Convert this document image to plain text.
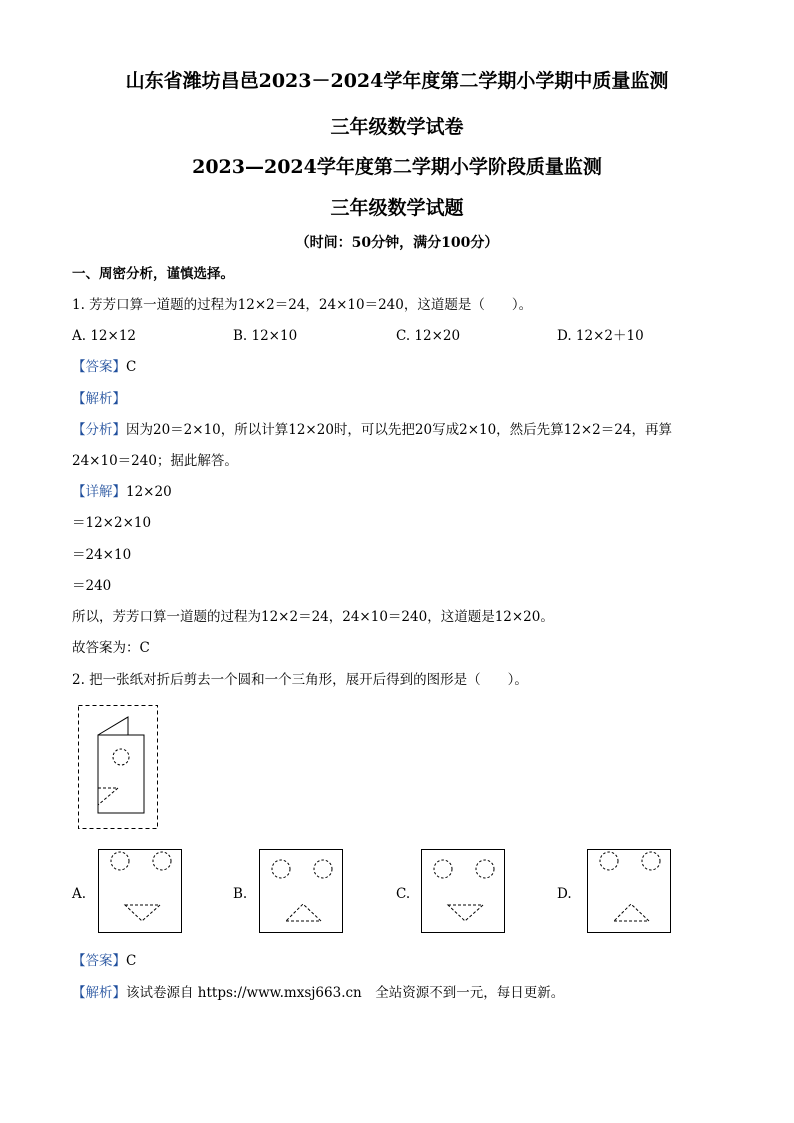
山东省潍坊昌邑2023－2024学年度第二学期小学期中质量监测
三年级数学试卷
2023—2024学年度第二学期小学阶段质量监测
三年级数学试题
（时间：50分钟，满分100分）
一、周密分析，谨慎选择。
1. 芳芳口算一道题的过程为12×2＝24，24×10＝240，这道题是（　　）。
A. 12×12	B. 12×10	C. 12×20	D. 12×2＋10
【答案】C
【解析】
【分析】因为20＝2×10，所以计算12×20时，可以先把20写成2×10，然后先算12×2＝24，再算
24×10＝240；据此解答。
【详解】12×20
＝12×2×10
＝24×10
＝240
所以，芳芳口算一道题的过程为12×2＝24，24×10＝240，这道题是12×20。
故答案为：C
2. 把一张纸对折后剪去一个圆和一个三角形，展开后得到的图形是（　　）。
A.	B.	C.	D.
【答案】C
【解析】该试卷源自 https://www.mxsj663.cn　全站资源不到一元，每日更新。
